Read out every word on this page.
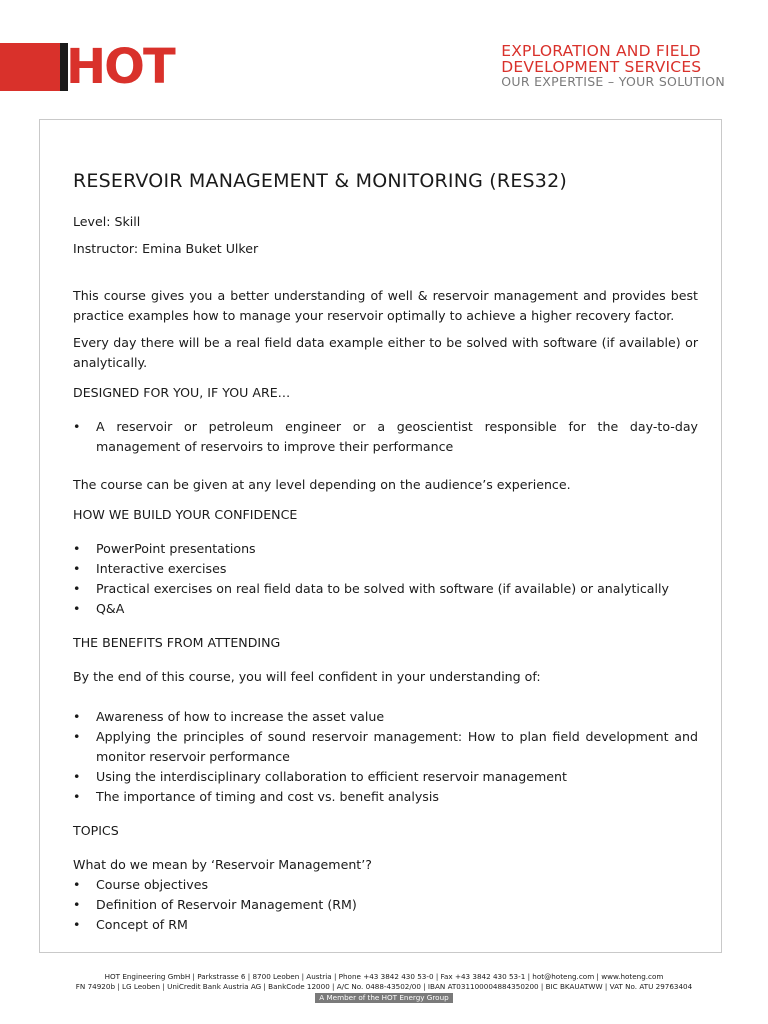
HOT	EXPLORATION AND FIELD
DEVELOPMENT SERVICES
OUR EXPERTISE – YOUR SOLUTION
RESERVOIR MANAGEMENT & MONITORING (RES32)

Level: Skill

Instructor: Emina Buket Ulker

This course gives you a better understanding of well & reservoir management and provides best practice examples how to manage your reservoir optimally to achieve a higher recovery factor.

Every day there will be a real field data example either to be solved with software (if available) or analytically.

DESIGNED FOR YOU, IF YOU ARE…

• A reservoir or petroleum engineer or a geoscientist responsible for the day-to-day management of reservoirs to improve their performance

The course can be given at any level depending on the audience’s experience.

HOW WE BUILD YOUR CONFIDENCE

• PowerPoint presentations
• Interactive exercises
• Practical exercises on real field data to be solved with software (if available) or analytically
• Q&A

THE BENEFITS FROM ATTENDING

By the end of this course, you will feel confident in your understanding of:

• Awareness of how to increase the asset value
• Applying the principles of sound reservoir management: How to plan field development and monitor reservoir performance
• Using the interdisciplinary collaboration to efficient reservoir management
• The importance of timing and cost vs. benefit analysis

TOPICS

What do we mean by ‘Reservoir Management’?

• Course objectives
• Definition of Reservoir Management (RM)
• Concept of RM
HOT Engineering GmbH | Parkstrasse 6 | 8700 Leoben | Austria | Phone +43 3842 430 53-0 | Fax +43 3842 430 53-1 | hot@hoteng.com | www.hoteng.com
FN 74920b | LG Leoben | UniCredit Bank Austria AG | BankCode 12000 | A/C No. 0488-43502/00 | IBAN AT031100004884350200 | BIC BKAUATWW | VAT No. ATU 29763404
A Member of the HOT Energy Group
